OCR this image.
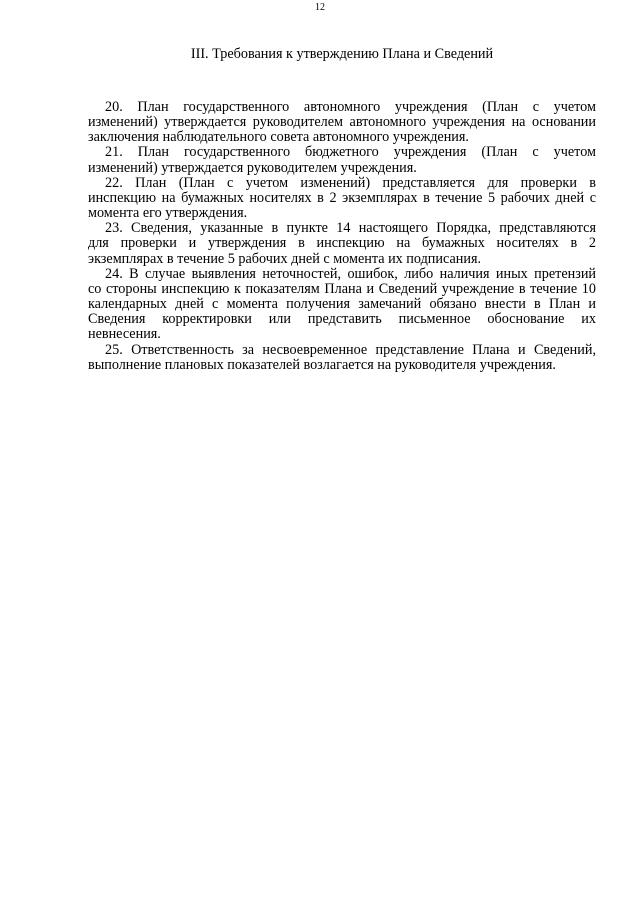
12
III. Требования к утверждению Плана и Сведений
20. План государственного автономного учреждения (План с учетом
изменений) утверждается руководителем автономного учреждения на основании
заключения наблюдательного совета автономного учреждения.
21. План государственного бюджетного учреждения (План с учетом
изменений) утверждается руководителем учреждения.
22. План (План с учетом изменений) представляется для проверки в
инспекцию на бумажных носителях в 2 экземплярах в течение 5 рабочих дней с
момента его утверждения.
23. Сведения, указанные в пункте 14 настоящего Порядка, представляются
для проверки и утверждения в инспекцию на бумажных носителях в 2
экземплярах в течение 5 рабочих дней с момента их подписания.
24. В случае выявления неточностей, ошибок, либо наличия иных претензий
со стороны инспекцию к показателям Плана и Сведений учреждение в течение 10
календарных дней с момента получения замечаний обязано внести в План и
Сведения корректировки или представить письменное обоснование их
невнесения.
25. Ответственность за несвоевременное представление Плана и Сведений,
выполнение плановых показателей возлагается на руководителя учреждения.
